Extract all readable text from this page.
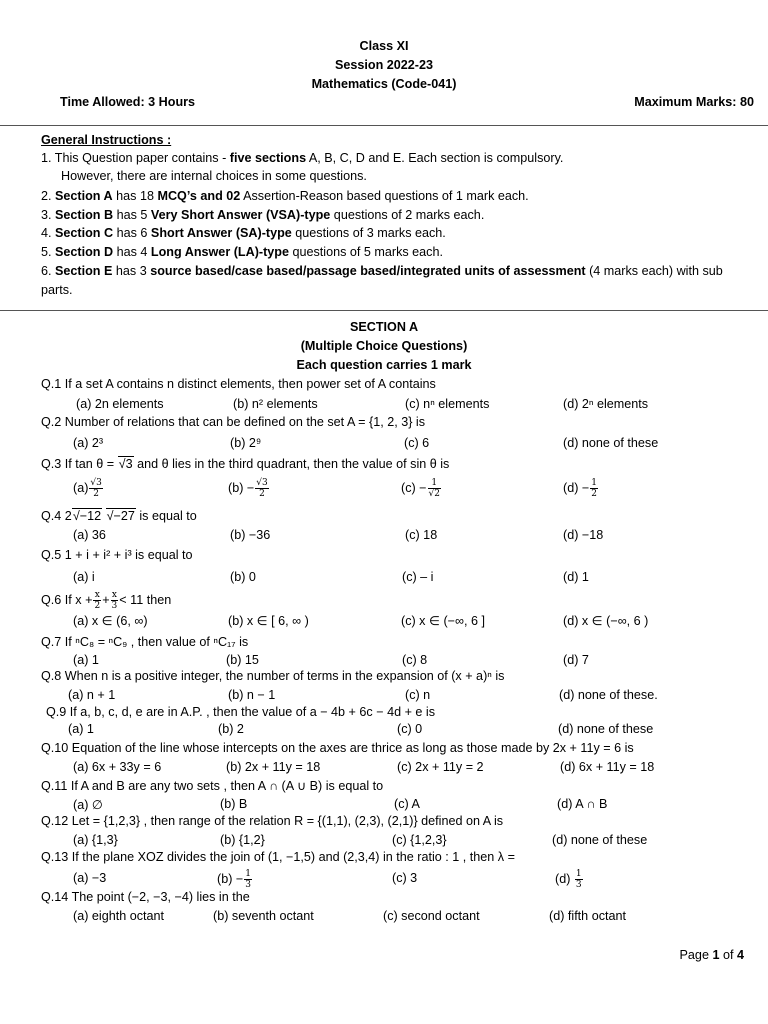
Class XI
Session 2022-23
Mathematics (Code-041)
Time Allowed: 3 Hours	Maximum Marks: 80
General Instructions :
1. This Question paper contains - five sections A, B, C, D and E. Each section is compulsory.
However, there are internal choices in some questions.
2. Section A has 18 MCQ’s and 02 Assertion-Reason based questions of 1 mark each.
3. Section B has 5 Very Short Answer (VSA)-type questions of 2 marks each.
4. Section C has 6 Short Answer (SA)-type questions of 3 marks each.
5. Section D has 4 Long Answer (LA)-type questions of 5 marks each.
6. Section E has 3 source based/case based/passage based/integrated units of assessment (4 marks each) with sub
parts.
SECTION A
(Multiple Choice Questions)
Each question carries 1 mark
Q.1 If a set A contains n distinct elements, then power set of A contains
(a) 2n elements	(b) n² elements	(c) nⁿ elements	(d) 2ⁿ elements
Q.2 Number of relations that can be defined on the set A = {1, 2, 3} is
(a) 2³	(b) 2⁹	(c) 6	(d) none of these
Q.3 If tan θ = √3 and θ lies in the third quadrant, then the value of sin θ is
$(a) \frac{√3}{2}$	$(b) - \frac{√3}{2}$	$(c) - \frac{1}{√2}$	$(d) - \frac{1}{2}$
Q.4 2√−12 √−27 is equal to
(a) 36	(b) −36	(c) 18	(d) −18
Q.5 1 + i + i² + i³ is equal to
(a) i	(b) 0	(c) – i	(d) 1
Q.6 If $x + \frac{x}{2} + \frac{x}{3} < 11$ then
(a) x ∈ (6, ∞)	(b) x ∈ [ 6, ∞ )	(c) x ∈ (−∞, 6 ]	(d) x ∈ (−∞, 6 )
Q.7 If ⁿC₈ = ⁿC₉ , then value of ⁿC₁₇ is
(a) 1	(b) 15	(c) 8	(d) 7
Q.8 When n is a positive integer, the number of terms in the expansion of (x + a)ⁿ is
(a) n + 1	(b) n − 1	(c) n	(d) none of these.
Q.9 If a, b, c, d, e are in A.P. , then the value of a − 4b + 6c − 4d + e is
(a) 1	(b) 2	(c) 0	(d) none of these
Q.10 Equation of the line whose intercepts on the axes are thrice as long as those made by 2x + 11y = 6 is
(a) 6x + 33y = 6	(b) 2x + 11y = 18	(c) 2x + 11y = 2	(d) 6x + 11y = 18
Q.11 If A and B are any two sets , then A ∩ (A ∪ B) is equal to
(a) ∅	(b) B	(c) A	(d) A ∩ B
Q.12 Let = {1,2,3} , then range of the relation R = {(1,1), (2,3), (2,1)} defined on A is
(a) {1,3}	(b) {1,2}	(c) {1,2,3}	(d) none of these
Q.13 If the plane XOZ divides the join of (1, −1,5) and (2,3,4) in the ratio : 1 , then λ =
(a) −3	$(b) - \frac{1}{3}$	(c) 3	$(d) \frac{1}{3}$
Q.14 The point (−2, −3, −4) lies in the
(a) eighth octant	(b) seventh octant	(c) second octant	(d) fifth octant
Page 1 of 4
